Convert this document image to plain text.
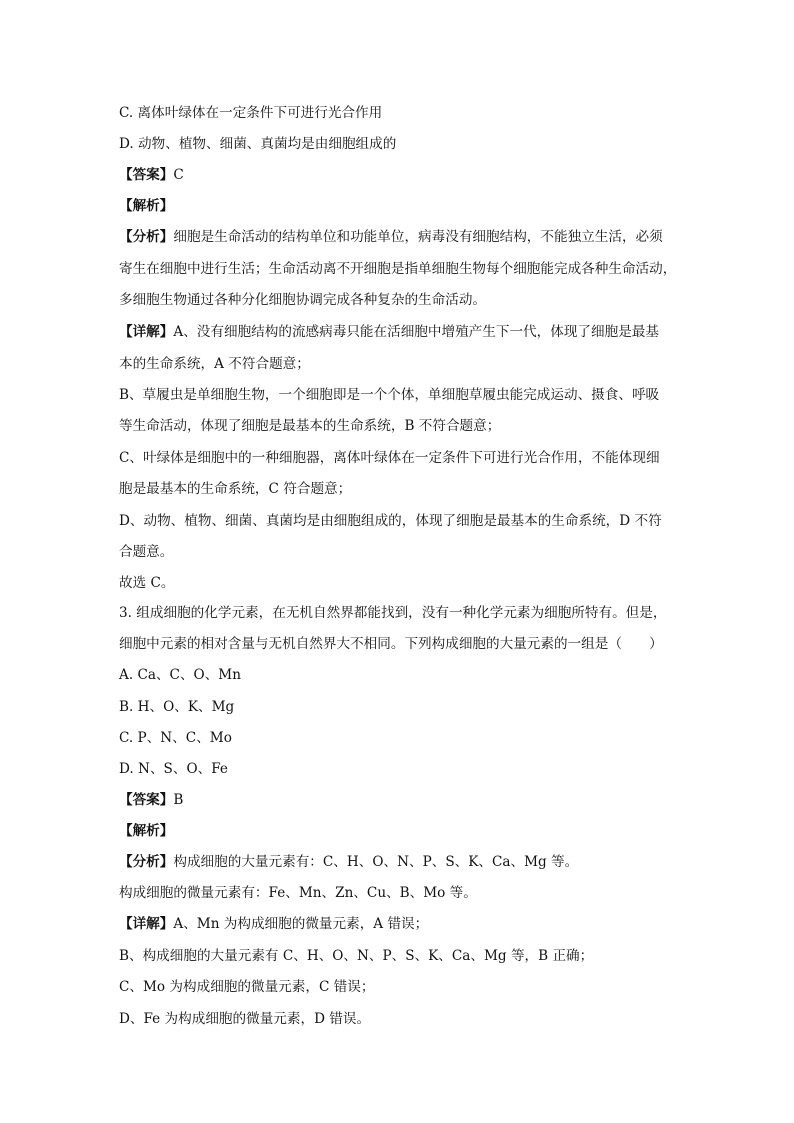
C. 离体叶绿体在一定条件下可进行光合作用
D. 动物、植物、细菌、真菌均是由细胞组成的
【答案】C
【解析】
【分析】细胞是生命活动的结构单位和功能单位，病毒没有细胞结构，不能独立生活，必须
寄生在细胞中进行生活；生命活动离不开细胞是指单细胞生物每个细胞能完成各种生命活动，
多细胞生物通过各种分化细胞协调完成各种复杂的生命活动。
【详解】A、没有细胞结构的流感病毒只能在活细胞中增殖产生下一代，体现了细胞是最基
本的生命系统，A 不符合题意；
B、草履虫是单细胞生物，一个细胞即是一个个体，单细胞草履虫能完成运动、摄食、呼吸
等生命活动，体现了细胞是最基本的生命系统，B 不符合题意；
C、叶绿体是细胞中的一种细胞器，离体叶绿体在一定条件下可进行光合作用，不能体现细
胞是最基本的生命系统，C 符合题意；
D、动物、植物、细菌、真菌均是由细胞组成的，体现了细胞是最基本的生命系统，D 不符
合题意。
故选 C。
3. 组成细胞的化学元素，在无机自然界都能找到，没有一种化学元素为细胞所特有。但是，
细胞中元素的相对含量与无机自然界大不相同。下列构成细胞的大量元素的一组是（　　）
A. Ca、C、O、Mn
B. H、O、K、Mg
C. P、N、C、Mo
D. N、S、O、Fe
【答案】B
【解析】
【分析】构成细胞的大量元素有：C、H、O、N、P、S、K、Ca、Mg 等。
构成细胞的微量元素有：Fe、Mn、Zn、Cu、B、Mo 等。
【详解】A、Mn 为构成细胞的微量元素，A 错误；
B、构成细胞的大量元素有 C、H、O、N、P、S、K、Ca、Mg 等，B 正确；
C、Mo 为构成细胞的微量元素，C 错误；
D、Fe 为构成细胞的微量元素，D 错误。
